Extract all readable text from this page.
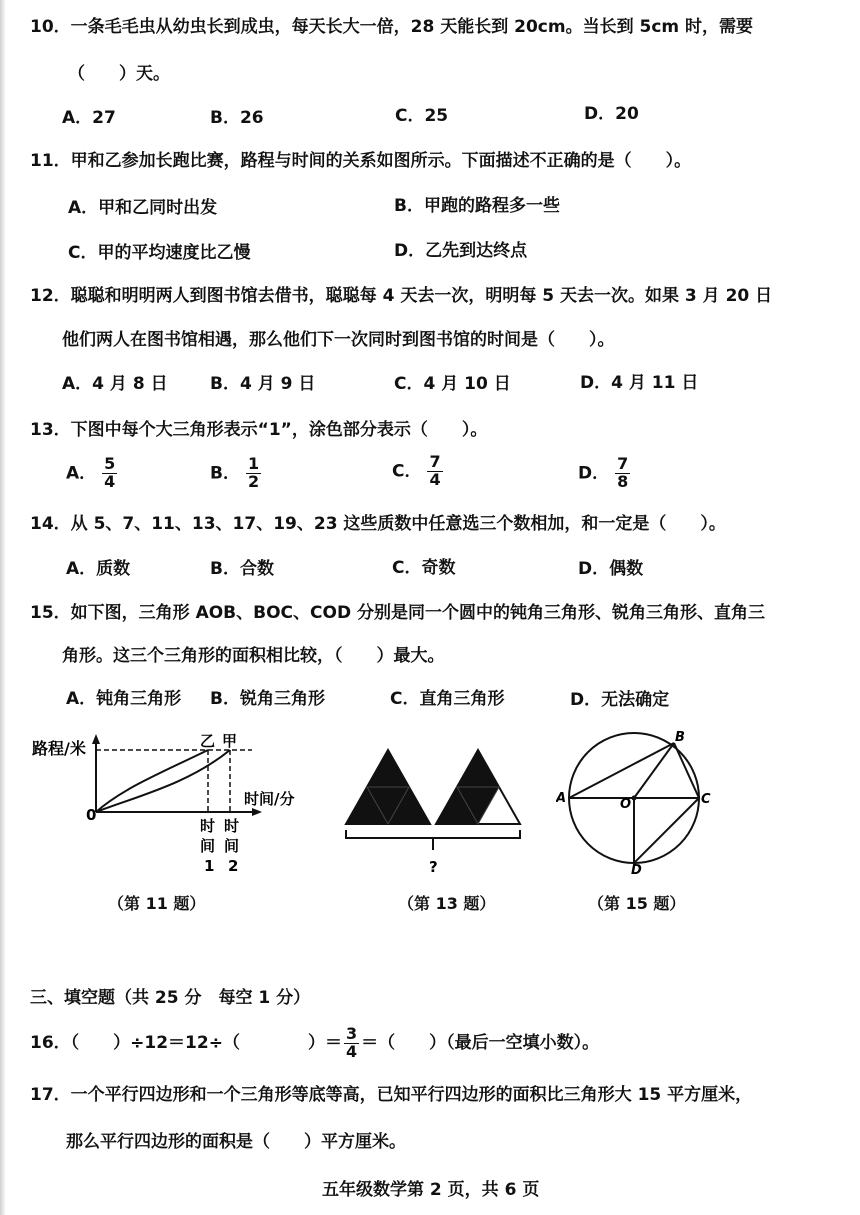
10．一条毛毛虫从幼虫长到成虫，每天长大一倍，28 天能长到 20cm。当长到 5cm 时，需要
（　　）天。
A．27	B．26	C．25	D．20
11．甲和乙参加长跑比赛，路程与时间的关系如图所示。下面描述不正确的是（　　）。
A．甲和乙同时出发	B．甲跑的路程多一些
C．甲的平均速度比乙慢	D．乙先到达终点
12．聪聪和明明两人到图书馆去借书，聪聪每 4 天去一次，明明每 5 天去一次。如果 3 月 20 日
他们两人在图书馆相遇，那么他们下一次同时到图书馆的时间是（　　）。
A．4 月 8 日 B．4 月 9 日	C．4 月 10 日	D．4 月 11 日
13．下图中每个大三角形表示“1”，涂色部分表示（　　）。
A． $\frac{5}{4}$	B． $\frac{1}{2}$	C． $\frac{7}{4}$	D． $\frac{7}{8}$
14．从 5、7、11、13、17、19、23 这些质数中任意选三个数相加，和一定是（　　）。
A．质数	B．合数	C．奇数	D．偶数
15．如下图，三角形 AOB、BOC、COD 分别是同一个圆中的钝角三角形、锐角三角形、直角三
角形。这三个三角形的面积相比较，（　　）最大。
A．钝角三角形 B．锐角三角形	C．直角三角形	D．无法确定
路程/米
时间/分
0
乙 甲
时
间
1
时
间
2
（第 11 题）
?
（第 13 题）
A
B
C
D
O
（第 15 题）
三、填空题（共 25 分　每空 1 分）
16．（　　）÷12＝12÷（　　　　）＝ $\frac{3}{4}$ ＝（　　）（最后一空填小数）。
17．一个平行四边形和一个三角形等底等高，已知平行四边形的面积比三角形大 15 平方厘米，
那么平行四边形的面积是（　　）平方厘米。
五年级数学第 2 页，共 6 页
